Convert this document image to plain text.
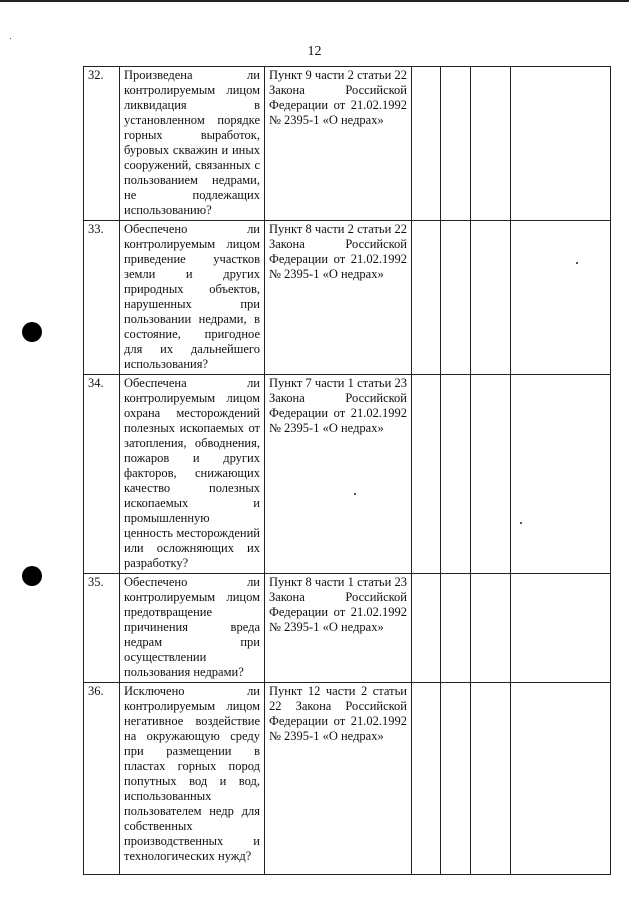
12
32.	Произведена ли контролируемым лицом ликвидация в установленном порядке горных выработок, буровых скважин и иных сооружений, связанных с пользованием недрами, не подлежащих использованию?	Пункт 9 части 2 статьи 22 Закона Российской Федерации от 21.02.1992 № 2395-1 «О недрах»				
33.	Обеспечено ли контролируемым лицом приведение участков земли и других природных объектов, нарушенных при пользовании недрами, в состояние, пригодное для их дальнейшего использования?	Пункт 8 части 2 статьи 22 Закона Российской Федерации от 21.02.1992 № 2395-1 «О недрах»				
34.	Обеспечена ли контролируемым лицом охрана месторождений полезных ископаемых от затопления, обводнения, пожаров и других факторов, снижающих качество полезных ископаемых и промышленную ценность месторождений или осложняющих их разработку?	Пункт 7 части 1 статьи 23 Закона Российской Федерации от 21.02.1992 № 2395-1 «О недрах»				
35.	Обеспечено ли контролируемым лицом предотвращение причинения вреда недрам при осуществлении пользования недрами?	Пункт 8 части 1 статьи 23 Закона Российской Федерации от 21.02.1992 № 2395-1 «О недрах»				
36.	Исключено ли контролируемым лицом негативное воздействие на окружающую среду при размещении в пластах горных пород попутных вод и вод, использованных пользователем недр для собственных производственных и технологических нужд?	Пункт 12 части 2 статьи 22 Закона Российской Федерации от 21.02.1992 № 2395-1 «О недрах»				
